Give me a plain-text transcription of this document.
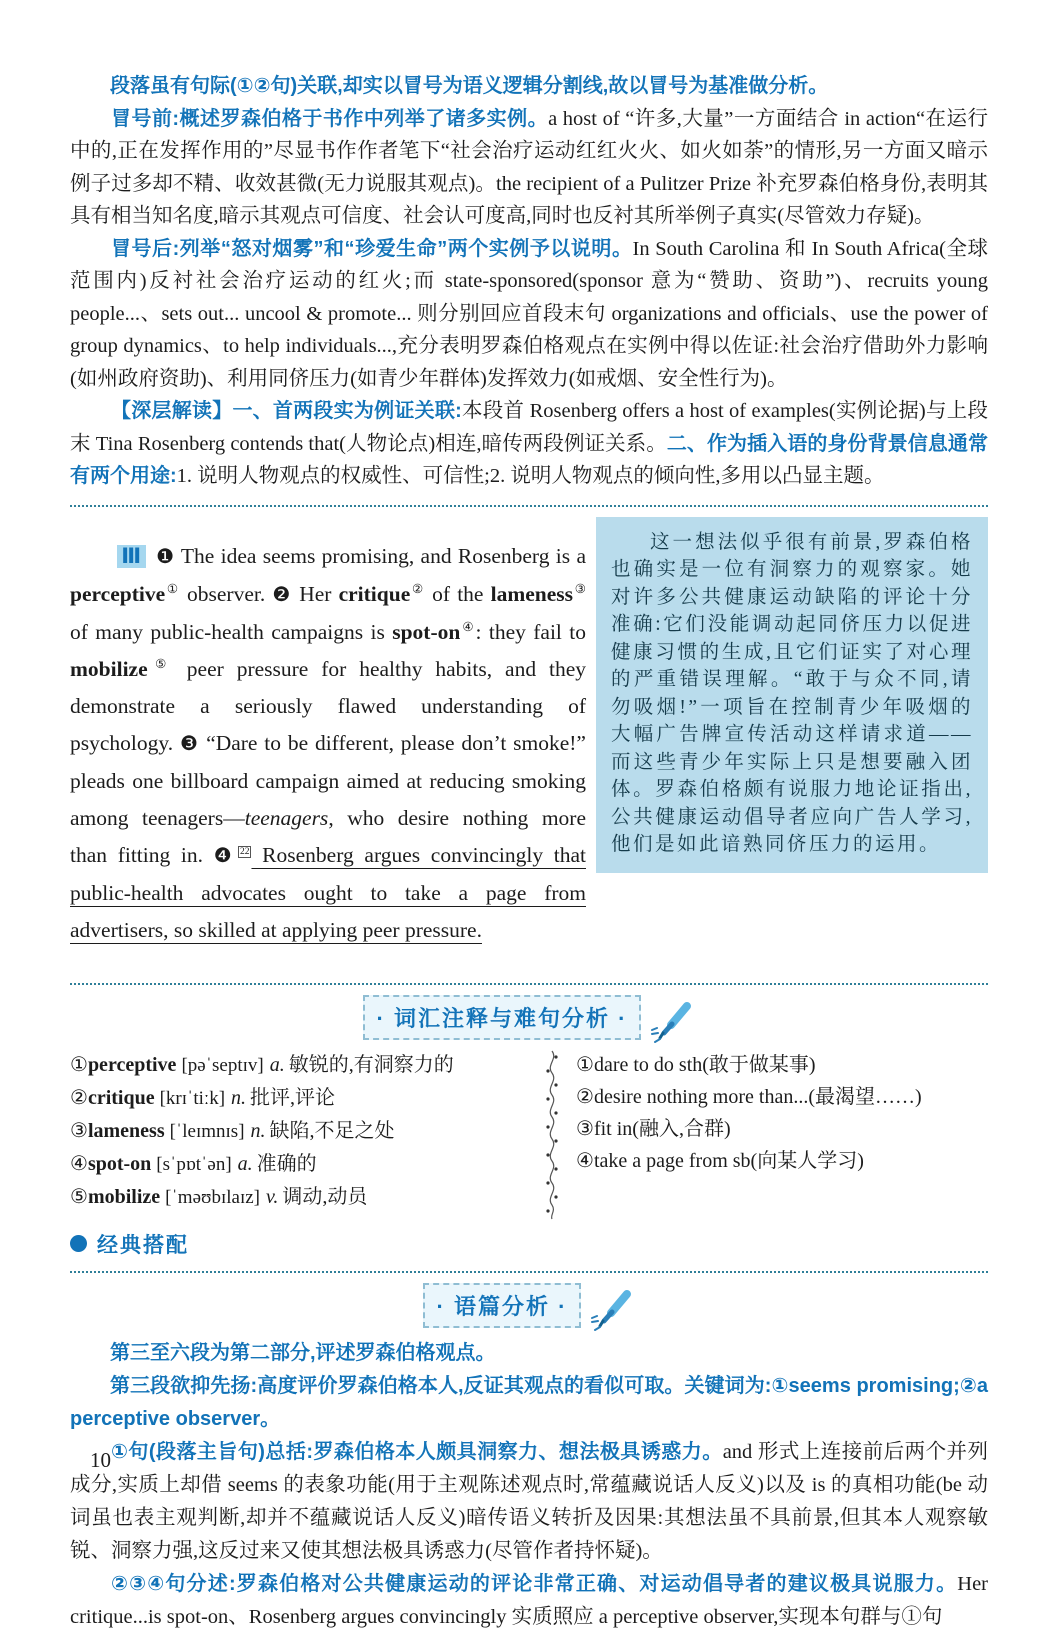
段落虽有句际(①②句)关联,却实以冒号为语义逻辑分割线,故以冒号为基准做分析。

冒号前:概述罗森伯格于书作中列举了诸多实例。a host of “许多,大量”一方面结合 in action“在运行中的,正在发挥作用的”尽显书作作者笔下“社会治疗运动红红火火、如火如荼”的情形,另一方面又暗示例子过多却不精、收效甚微(无力说服其观点)。the recipient of a Pulitzer Prize 补充罗森伯格身份,表明其具有相当知名度,暗示其观点可信度、社会认可度高,同时也反衬其所举例子真实(尽管效力存疑)。

冒号后:列举“怒对烟雾”和“珍爱生命”两个实例予以说明。In South Carolina 和 In South Africa(全球范围内)反衬社会治疗运动的红火;而 state-sponsored(sponsor 意为“赞助、资助”)、recruits young people...、sets out... uncool & promote... 则分别回应首段末句 organizations and officials、use the power of group dynamics、to help individuals...,充分表明罗森伯格观点在实例中得以佐证:社会治疗借助外力影响(如州政府资助)、利用同侪压力(如青少年群体)发挥效力(如戒烟、安全性行为)。

【深层解读】一、首两段实为例证关联:本段首 Rosenberg offers a host of examples(实例论据)与上段末 Tina Rosenberg contends that(人物论点)相连,暗传两段例证关系。二、作为插入语的身份背景信息通常有两个用途:1. 说明人物观点的权威性、可信性;2. 说明人物观点的倾向性,多用以凸显主题。

Ⅲ ❶ The idea seems promising, and Rosenberg is a perceptive① observer. ❷ Her critique② of the lameness③ of many public-health campaigns is spot-on④: they fail to mobilize⑤ peer pressure for healthy habits, and they demonstrate a seriously flawed understanding of psychology. ❸ “Dare to be different, please don’t smoke!” pleads one billboard campaign aimed at reducing smoking among teenagers—teenagers, who desire nothing more than fitting in. ❹ $^{22}$ Rosenberg argues convincingly that public-health advocates ought to take a page from advertisers, so skilled at applying peer pressure.

这一想法似乎很有前景,罗森伯格也确实是一位有洞察力的观察家。她对许多公共健康运动缺陷的评论十分准确:它们没能调动起同侪压力以促进健康习惯的生成,且它们证实了对心理的严重错误理解。“敢于与众不同,请勿吸烟!”一项旨在控制青少年吸烟的大幅广告牌宣传活动这样请求道——而这些青少年实际上只是想要融入团体。罗森伯格颇有说服力地论证指出,公共健康运动倡导者应向广告人学习,他们是如此谙熟同侪压力的运用。

· 词汇注释与难句分析 ·
①perceptive [pəˈseptɪv] a. 敏锐的,有洞察力的
②critique [krɪˈtiːk] n. 批评,评论
③lameness [ˈleɪmnɪs] n. 缺陷,不足之处
④spot-on [sˈpɒtˈən] a. 准确的
⑤mobilize [ˈməʊbɪlaɪz] v. 调动,动员
①dare to do sth(敢于做某事)
②desire nothing more than...(最渴望……)
③fit in(融入,合群)
④take a page from sb(向某人学习)
经典搭配
· 语篇分析 ·

第三至六段为第二部分,评述罗森伯格观点。

第三段欲抑先扬:高度评价罗森伯格本人,反证其观点的看似可取。关键词为:①seems promising;②a perceptive observer。

①句(段落主旨句)总括:罗森伯格本人颇具洞察力、想法极具诱惑力。and 形式上连接前后两个并列成分,实质上却借 seems 的表象功能(用于主观陈述观点时,常蕴藏说话人反义)以及 is 的真相功能(be 动词虽也表主观判断,却并不蕴藏说话人反义)暗传语义转折及因果:其想法虽不具前景,但其本人观察敏锐、洞察力强,这反过来又使其想法极具诱惑力(尽管作者持怀疑)。

②③④句分述:罗森伯格对公共健康运动的评论非常正确、对运动倡导者的建议极具说服力。Her critique...is spot-on、Rosenberg argues convincingly 实质照应 a perceptive observer,实现本句群与①句

10
